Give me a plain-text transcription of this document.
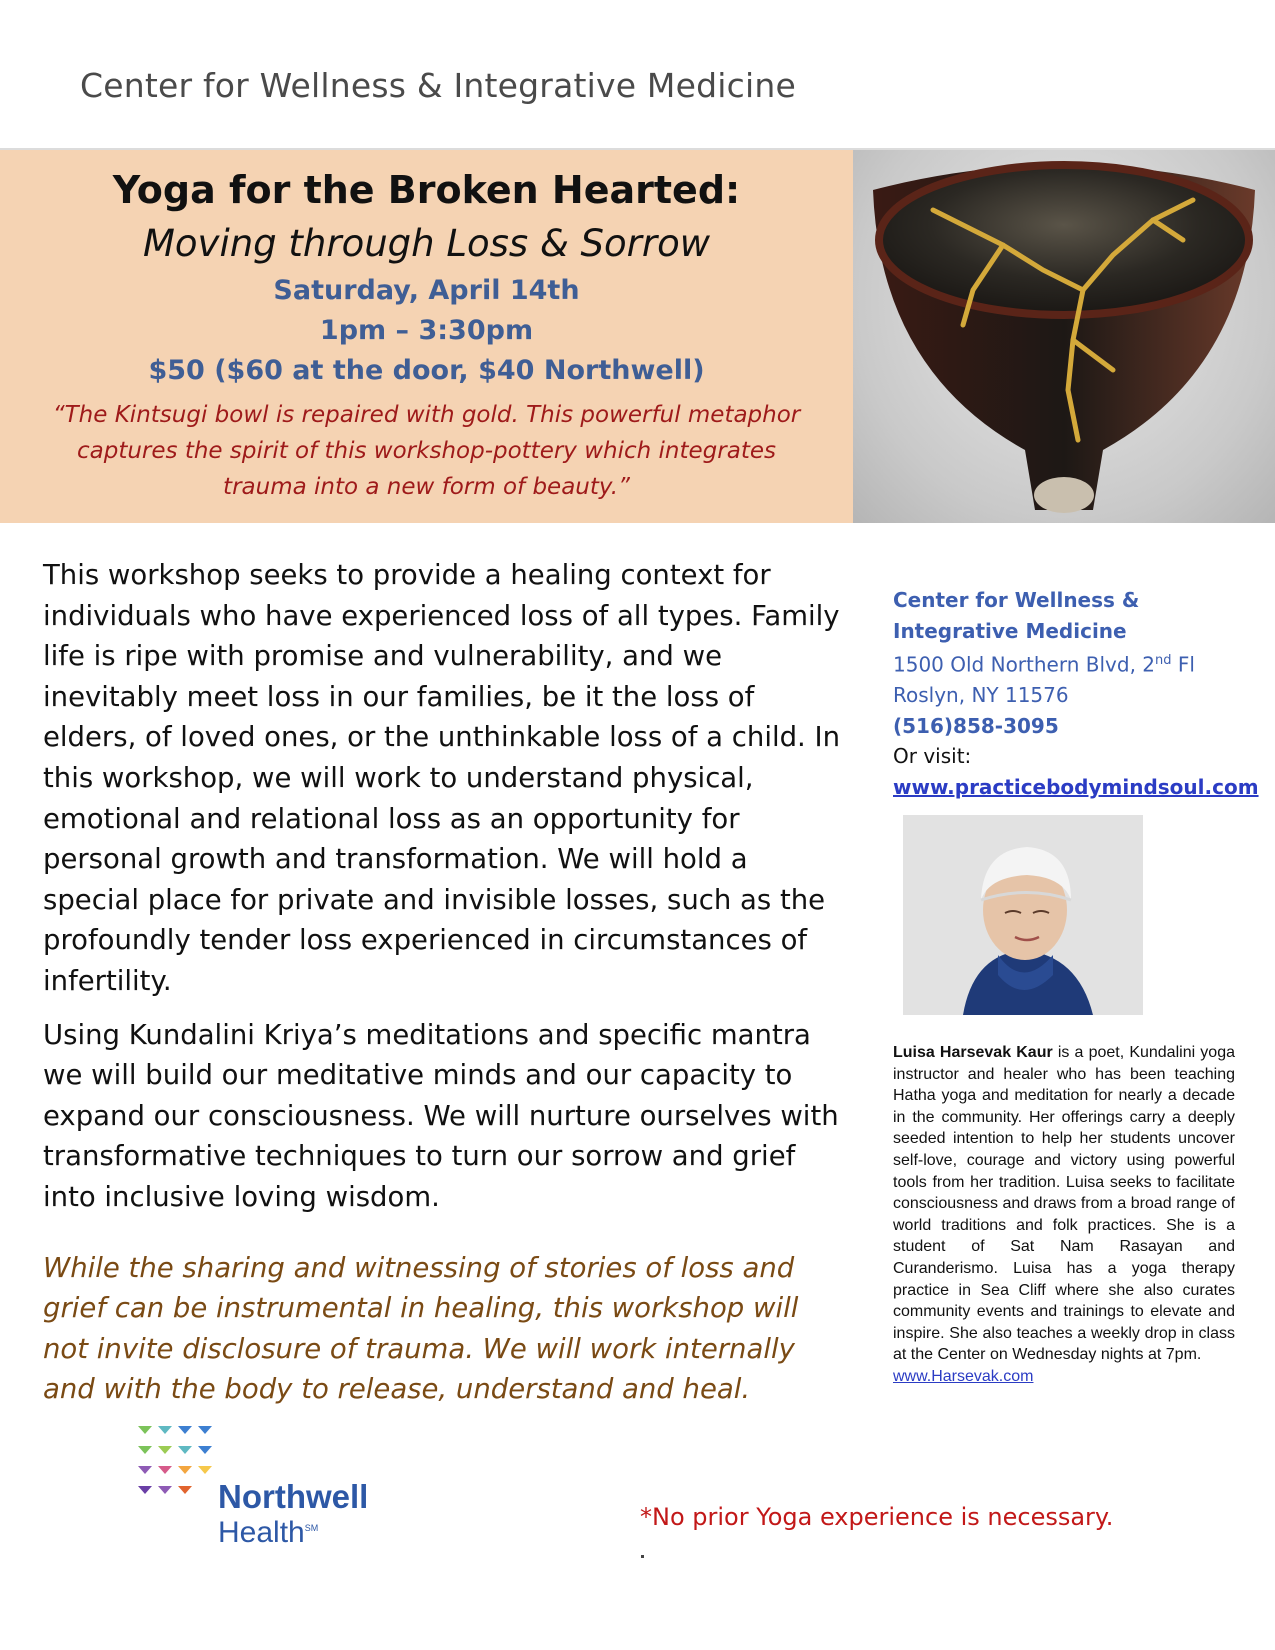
Center for Wellness & Integrative Medicine
Yoga for the Broken Hearted:
Moving through Loss & Sorrow
Saturday, April 14th
1pm – 3:30pm
$50 ($60 at the door, $40 Northwell)
“The Kintsugi bowl is repaired with gold. This powerful metaphor captures the spirit of this workshop-pottery which integrates trauma into a new form of beauty.”

This workshop seeks to provide a healing context for individuals who have experienced loss of all types. Family life is ripe with promise and vulnerability, and we inevitably meet loss in our families, be it the loss of elders, of loved ones, or the unthinkable loss of a child. In this workshop, we will work to understand physical, emotional and relational loss as an opportunity for personal growth and transformation. We will hold a special place for private and invisible losses, such as the profoundly tender loss experienced in circumstances of infertility.

Using Kundalini Kriya’s meditations and specific mantra we will build our meditative minds and our capacity to expand our consciousness. We will nurture ourselves with transformative techniques to turn our sorrow and grief into inclusive loving wisdom.

While the sharing and witnessing of stories of loss and grief can be instrumental in healing, this workshop will not invite disclosure of trauma. We will work internally and with the body to release, understand and heal.

Center for Wellness &
Integrative Medicine
1500 Old Northern Blvd, 2nd Fl
Roslyn, NY 11576
(516)858-3095
Or visit:
www.practicebodymindsoul.com
Luisa Harsevak Kaur is a poet, Kundalini yoga instructor and healer who has been teaching Hatha yoga and meditation for nearly a decade in the community. Her offerings carry a deeply seeded intention to help her students uncover self-love, courage and victory using powerful tools from her tradition. Luisa seeks to facilitate consciousness and draws from a broad range of world traditions and folk practices. She is a student of Sat Nam Rasayan and Curanderismo. Luisa has a yoga therapy practice in Sea Cliff where she also curates community events and trainings to elevate and inspire. She also teaches a weekly drop in class at the Center on Wednesday nights at 7pm.
www.Harsevak.com
Northwell
Health℠	*No prior Yoga experience is necessary.
